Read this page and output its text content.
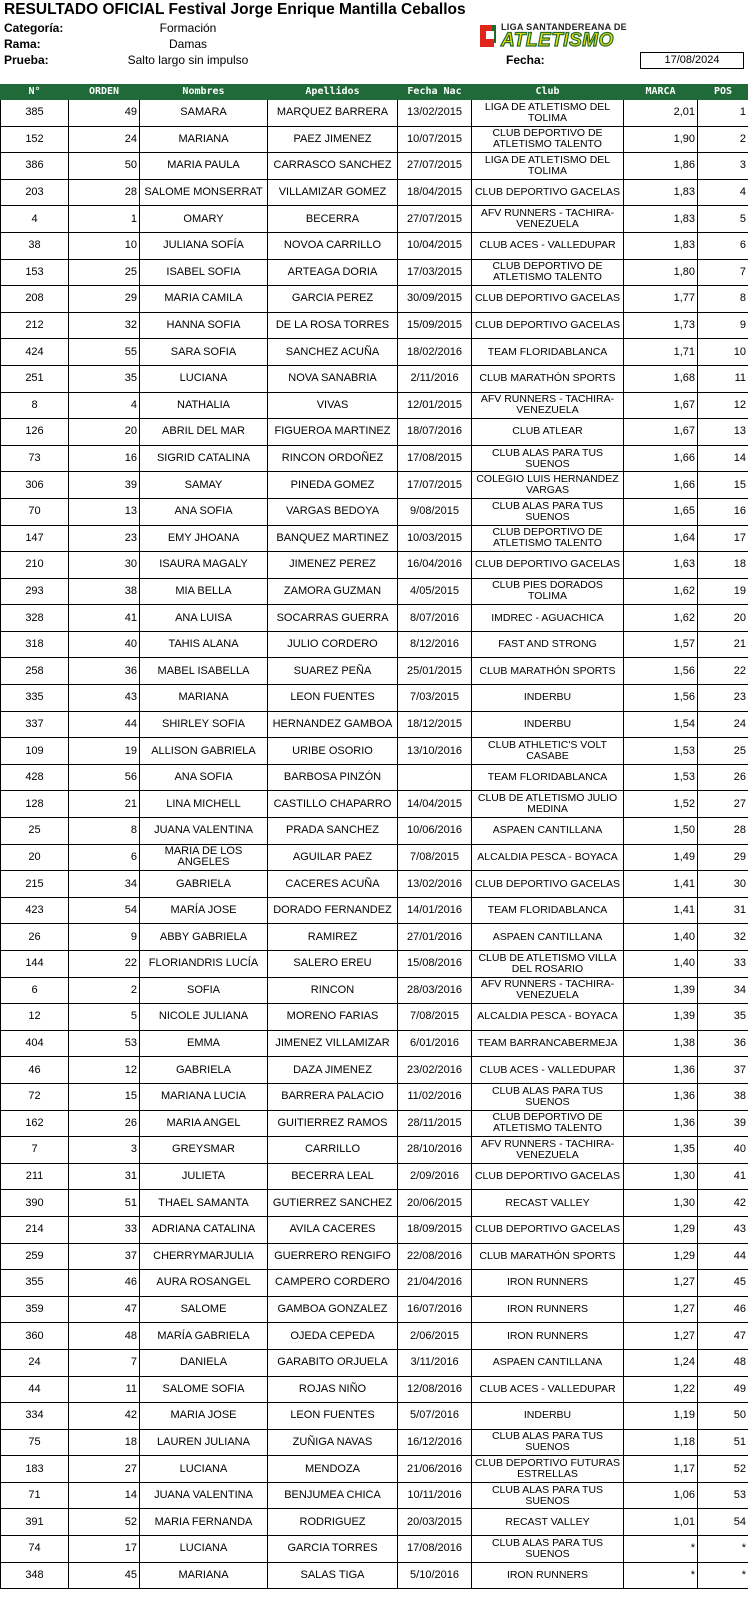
RESULTADO OFICIAL Festival Jorge Enrique Mantilla Ceballos
Categoría:	Formación
Rama:	Damas
Prueba:	Salto largo sin impulso
LIGA SANTANDEREANA DE
ATLETISMO
Fecha:	17/08/2024
N°	ORDEN	Nombres	Apellidos	Fecha Nac	Club	MARCA	POS
385	49	SAMARA	MARQUEZ BARRERA	13/02/2015	LIGA DE ATLETISMO DEL TOLIMA	2,01	1
152	24	MARIANA	PAEZ JIMENEZ	10/07/2015	CLUB DEPORTIVO DE ATLETISMO TALENTO	1,90	2
386	50	MARIA PAULA	CARRASCO SANCHEZ	27/07/2015	LIGA DE ATLETISMO DEL TOLIMA	1,86	3
203	28	SALOME MONSERRAT	VILLAMIZAR GOMEZ	18/04/2015	CLUB DEPORTIVO GACELAS	1,83	4
4	1	OMARY	BECERRA	27/07/2015	AFV RUNNERS - TACHIRA-VENEZUELA	1,83	5
38	10	JULIANA SOFÍA	NOVOA CARRILLO	10/04/2015	CLUB ACES - VALLEDUPAR	1,83	6
153	25	ISABEL SOFIA	ARTEAGA DORIA	17/03/2015	CLUB DEPORTIVO DE ATLETISMO TALENTO	1,80	7
208	29	MARIA CAMILA	GARCIA PEREZ	30/09/2015	CLUB DEPORTIVO GACELAS	1,77	8
212	32	HANNA SOFIA	DE LA ROSA TORRES	15/09/2015	CLUB DEPORTIVO GACELAS	1,73	9
424	55	SARA SOFIA	SANCHEZ ACUÑA	18/02/2016	TEAM FLORIDABLANCA	1,71	10
251	35	LUCIANA	NOVA SANABRIA	2/11/2016	CLUB MARATHÓN SPORTS	1,68	11
8	4	NATHALIA	VIVAS	12/01/2015	AFV RUNNERS - TACHIRA-VENEZUELA	1,67	12
126	20	ABRIL DEL MAR	FIGUEROA MARTINEZ	18/07/2016	CLUB ATLEAR	1,67	13
73	16	SIGRID CATALINA	RINCON ORDOÑEZ	17/08/2015	CLUB ALAS PARA TUS SUENOS	1,66	14
306	39	SAMAY	PINEDA GOMEZ	17/07/2015	COLEGIO LUIS HERNANDEZ VARGAS	1,66	15
70	13	ANA SOFIA	VARGAS BEDOYA	9/08/2015	CLUB ALAS PARA TUS SUENOS	1,65	16
147	23	EMY JHOANA	BANQUEZ MARTINEZ	10/03/2015	CLUB DEPORTIVO DE ATLETISMO TALENTO	1,64	17
210	30	ISAURA MAGALY	JIMENEZ PEREZ	16/04/2016	CLUB DEPORTIVO GACELAS	1,63	18
293	38	MIA BELLA	ZAMORA GUZMAN	4/05/2015	CLUB PIES DORADOS TOLIMA	1,62	19
328	41	ANA LUISA	SOCARRAS GUERRA	8/07/2016	IMDREC - AGUACHICA	1,62	20
318	40	TAHIS ALANA	JULIO CORDERO	8/12/2016	FAST AND STRONG	1,57	21
258	36	MABEL ISABELLA	SUAREZ PEÑA	25/01/2015	CLUB MARATHÓN SPORTS	1,56	22
335	43	MARIANA	LEON FUENTES	7/03/2015	INDERBU	1,56	23
337	44	SHIRLEY SOFIA	HERNANDEZ GAMBOA	18/12/2015	INDERBU	1,54	24
109	19	ALLISON GABRIELA	URIBE OSORIO	13/10/2016	CLUB ATHLETIC'S VOLT CASABE	1,53	25
428	56	ANA SOFIA	BARBOSA PINZÓN		TEAM FLORIDABLANCA	1,53	26
128	21	LINA MICHELL	CASTILLO CHAPARRO	14/04/2015	CLUB DE ATLETISMO JULIO MEDINA	1,52	27
25	8	JUANA VALENTINA	PRADA SANCHEZ	10/06/2016	ASPAEN CANTILLANA	1,50	28
20	6	MARIA DE LOS ANGELES	AGUILAR PAEZ	7/08/2015	ALCALDIA PESCA - BOYACA	1,49	29
215	34	GABRIELA	CACERES ACUÑA	13/02/2016	CLUB DEPORTIVO GACELAS	1,41	30
423	54	MARÍA JOSE	DORADO FERNANDEZ	14/01/2016	TEAM FLORIDABLANCA	1,41	31
26	9	ABBY GABRIELA	RAMIREZ	27/01/2016	ASPAEN CANTILLANA	1,40	32
144	22	FLORIANDRIS LUCÍA	SALERO EREU	15/08/2016	CLUB DE ATLETISMO VILLA DEL ROSARIO	1,40	33
6	2	SOFIA	RINCON	28/03/2016	AFV RUNNERS - TACHIRA-VENEZUELA	1,39	34
12	5	NICOLE JULIANA	MORENO FARIAS	7/08/2015	ALCALDIA PESCA - BOYACA	1,39	35
404	53	EMMA	JIMENEZ VILLAMIZAR	6/01/2016	TEAM BARRANCABERMEJA	1,38	36
46	12	GABRIELA	DAZA JIMENEZ	23/02/2016	CLUB ACES - VALLEDUPAR	1,36	37
72	15	MARIANA LUCIA	BARRERA PALACIO	11/02/2016	CLUB ALAS PARA TUS SUENOS	1,36	38
162	26	MARIA ANGEL	GUITIERREZ RAMOS	28/11/2015	CLUB DEPORTIVO DE ATLETISMO TALENTO	1,36	39
7	3	GREYSMAR	CARRILLO	28/10/2016	AFV RUNNERS - TACHIRA-VENEZUELA	1,35	40
211	31	JULIETA	BECERRA LEAL	2/09/2016	CLUB DEPORTIVO GACELAS	1,30	41
390	51	THAEL SAMANTA	GUTIERREZ SANCHEZ	20/06/2015	RECAST VALLEY	1,30	42
214	33	ADRIANA CATALINA	AVILA CACERES	18/09/2015	CLUB DEPORTIVO GACELAS	1,29	43
259	37	CHERRYMARJULIA	GUERRERO RENGIFO	22/08/2016	CLUB MARATHÓN SPORTS	1,29	44
355	46	AURA ROSANGEL	CAMPERO CORDERO	21/04/2016	IRON RUNNERS	1,27	45
359	47	SALOME	GAMBOA GONZALEZ	16/07/2016	IRON RUNNERS	1,27	46
360	48	MARÍA GABRIELA	OJEDA CEPEDA	2/06/2015	IRON RUNNERS	1,27	47
24	7	DANIELA	GARABITO ORJUELA	3/11/2016	ASPAEN CANTILLANA	1,24	48
44	11	SALOME SOFIA	ROJAS NIÑO	12/08/2016	CLUB ACES - VALLEDUPAR	1,22	49
334	42	MARIA JOSE	LEON FUENTES	5/07/2016	INDERBU	1,19	50
75	18	LAUREN JULIANA	ZUÑIGA NAVAS	16/12/2016	CLUB ALAS PARA TUS SUENOS	1,18	51
183	27	LUCIANA	MENDOZA	21/06/2016	CLUB DEPORTIVO FUTURAS ESTRELLAS	1,17	52
71	14	JUANA VALENTINA	BENJUMEA CHICA	10/11/2016	CLUB ALAS PARA TUS SUENOS	1,06	53
391	52	MARIA FERNANDA	RODRIGUEZ	20/03/2015	RECAST VALLEY	1,01	54
74	17	LUCIANA	GARCIA TORRES	17/08/2016	CLUB ALAS PARA TUS SUENOS	*	*
348	45	MARIANA	SALAS TIGA	5/10/2016	IRON RUNNERS	*	*
